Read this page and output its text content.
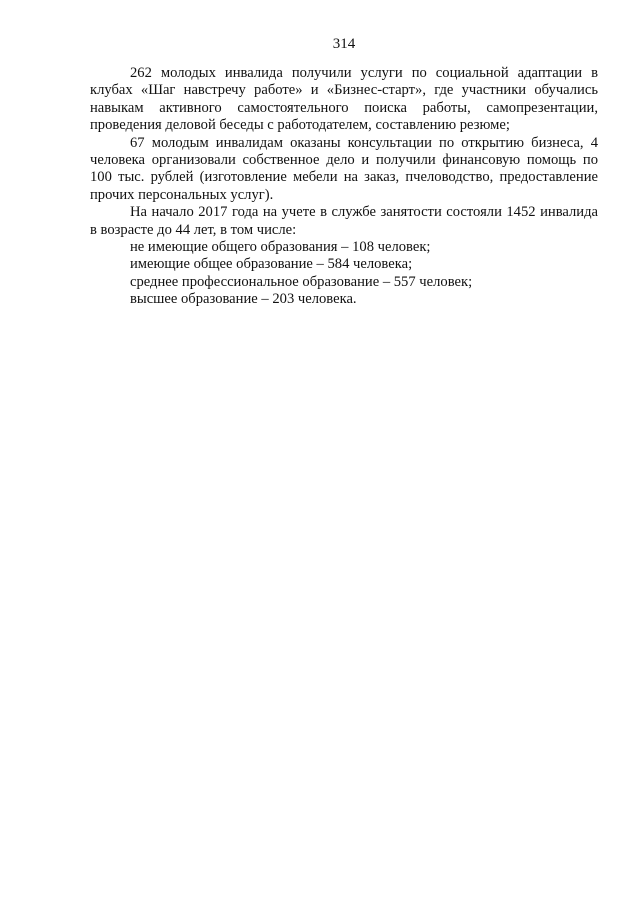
314

262 молодых инвалида получили услуги по социальной адаптации в клубах «Шаг навстречу работе» и «Бизнес-старт», где участники обучались навыкам активного самостоятельного поиска работы, самопрезентации, проведения деловой беседы с работодателем, составлению резюме;

67 молодым инвалидам оказаны консультации по открытию бизнеса, 4 человека организовали собственное дело и получили финансовую помощь по 100 тыс. рублей (изготовление мебели на заказ, пчеловодство, предоставление прочих персональных услуг).

На начало 2017 года на учете в службе занятости состояли 1452 инвалида в возрасте до 44 лет, в том числе:

не имеющие общего образования – 108 человек;

имеющие общее образование – 584 человека;

среднее профессиональное образование – 557 человек;

высшее образование – 203 человека.
